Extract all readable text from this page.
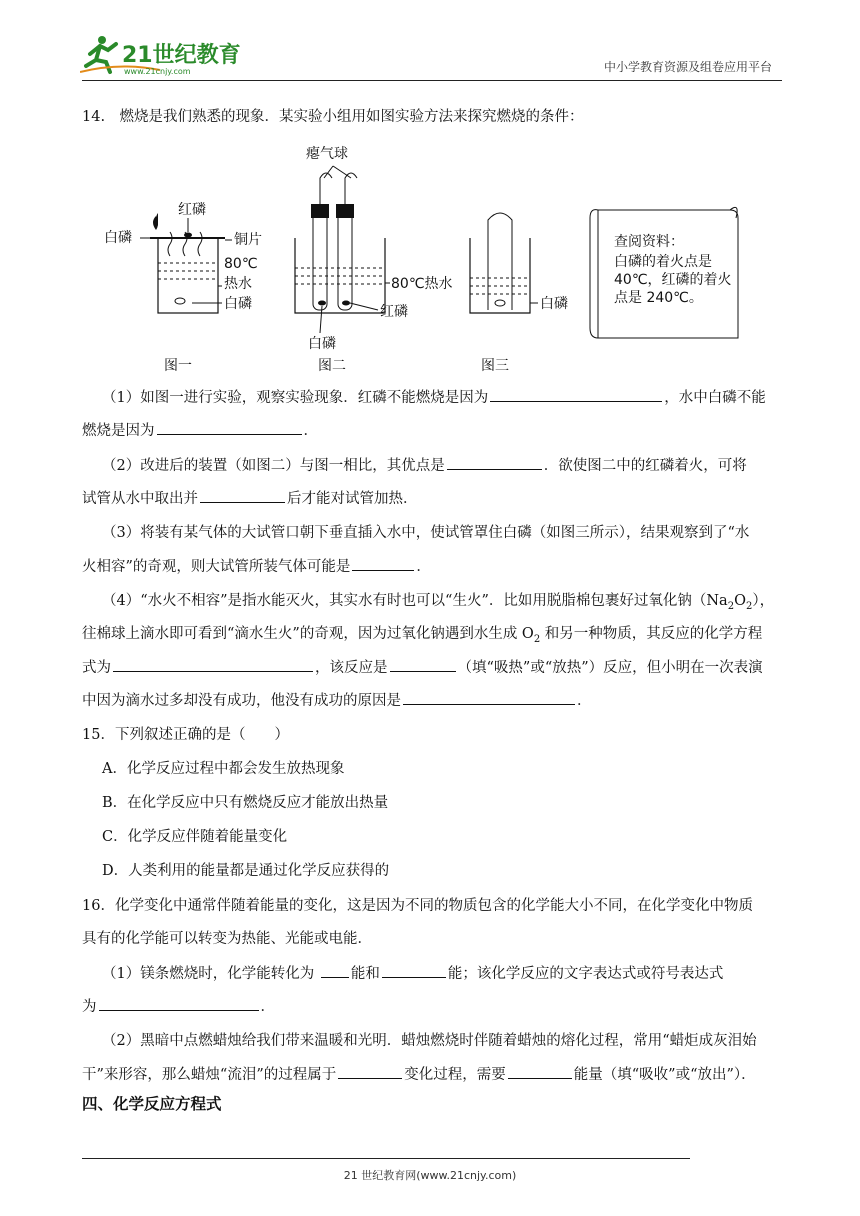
21世纪教育
www.21cnjy.com	中小学教育资源及组卷应用平台
14.　燃烧是我们熟悉的现象．某实验小组用如图实验方法来探究燃烧的条件：
红磷
白磷	铜片
80℃
热水
白磷
图一
瘪气球
80℃热水
红磷
白磷
图二
白磷
图三
查阅资料：
白磷的着火点是
40℃，红磷的着火
点是 240℃。
（1）如图一进行实验，观察实验现象．红磷不能燃烧是因为	，水中白磷不能
燃烧是因为	．
（2）改进后的装置（如图二）与图一相比，其优点是	．欲使图二中的红磷着火，可将
试管从水中取出并	后才能对试管加热．
（3）将装有某气体的大试管口朝下垂直插入水中，使试管罩住白磷（如图三所示），结果观察到了“水
火相容”的奇观，则大试管所装气体可能是	．
（4）“水火不相容”是指水能灭火，其实水有时也可以“生火”．比如用脱脂棉包裹好过氧化钠$(Na_2O_2)$，
往棉球上滴水即可看到“滴水生火”的奇观，因为过氧化钠遇到水生成 $O_2$ 和另一种物质，其反应的化学方程
式为	，该反应是	（填“吸热”或“放热”）反应，但小明在一次表演
中因为滴水过多却没有成功，他没有成功的原因是	．
15．下列叙述正确的是（　　）
A．化学反应过程中都会发生放热现象
B．在化学反应中只有燃烧反应才能放出热量
C．化学反应伴随着能量变化
D．人类利用的能量都是通过化学反应获得的
16．化学变化中通常伴随着能量的变化，这是因为不同的物质包含的化学能大小不同，在化学变化中物质
具有的化学能可以转变为热能、光能或电能．
（1）镁条燃烧时，化学能转化为 能和	能；该化学反应的文字表达式或符号表达式
为	．
（2）黑暗中点燃蜡烛给我们带来温暖和光明．蜡烛燃烧时伴随着蜡烛的熔化过程，常用“蜡炬成灰泪始
干”来形容，那么蜡烛“流泪”的过程属于	变化过程，需要	能量（填“吸收”或“放出”）．
四、化学反应方程式
21 世纪教育网(www.21cnjy.com)
